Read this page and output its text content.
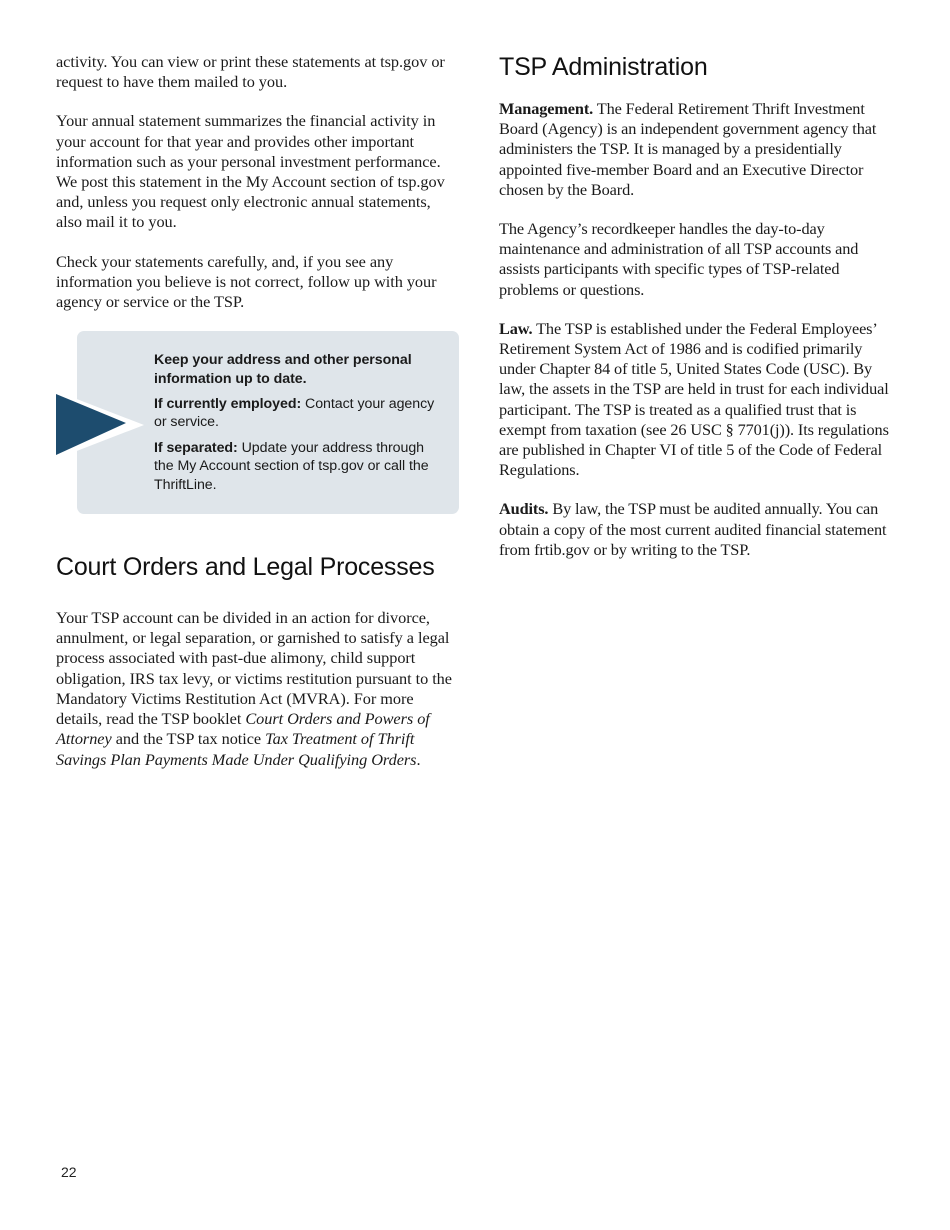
activity. You can view or print these statements at tsp.gov or request to have them mailed to you.

Your annual statement summarizes the financial activity in your account for that year and provides other important information such as your personal investment performance. We post this statement in the My Account section of tsp.gov and, unless you request only electronic annual statements, also mail it to you.

Check your statements carefully, and, if you see any information you believe is not correct, follow up with your agency or service or the TSP.

Keep your address and other personal information up to date.

If currently employed: Contact your agency or service.

If separated: Update your address through the My Account section of tsp.gov or call the ThriftLine.

Court Orders and Legal Processes

Your TSP account can be divided in an action for divorce, annulment, or legal separation, or garnished to satisfy a legal process associated with past-due alimony, child support obligation, IRS tax levy, or victims restitution pursuant to the Mandatory Victims Restitution Act (MVRA). For more details, read the TSP booklet Court Orders and Powers of Attorney and the TSP tax notice Tax Treatment of Thrift Savings Plan Payments Made Under Qualifying Orders.

TSP Administration

Management. The Federal Retirement Thrift Investment Board (Agency) is an independent government agency that administers the TSP. It is managed by a presidentially appointed five-member Board and an Executive Director chosen by the Board.

The Agency’s recordkeeper handles the day-to-day maintenance and administration of all TSP accounts and assists participants with specific types of TSP-related problems or questions.

Law. The TSP is established under the Federal Employees’ Retirement System Act of 1986 and is codified primarily under Chapter 84 of title 5, United States Code (USC). By law, the assets in the TSP are held in trust for each individual participant. The TSP is treated as a qualified trust that is exempt from taxation (see 26 USC § 7701(j)). Its regulations are published in Chapter VI of title 5 of the Code of Federal Regulations.

Audits. By law, the TSP must be audited annually. You can obtain a copy of the most current audited financial statement from frtib.gov or by writing to the TSP.

22
